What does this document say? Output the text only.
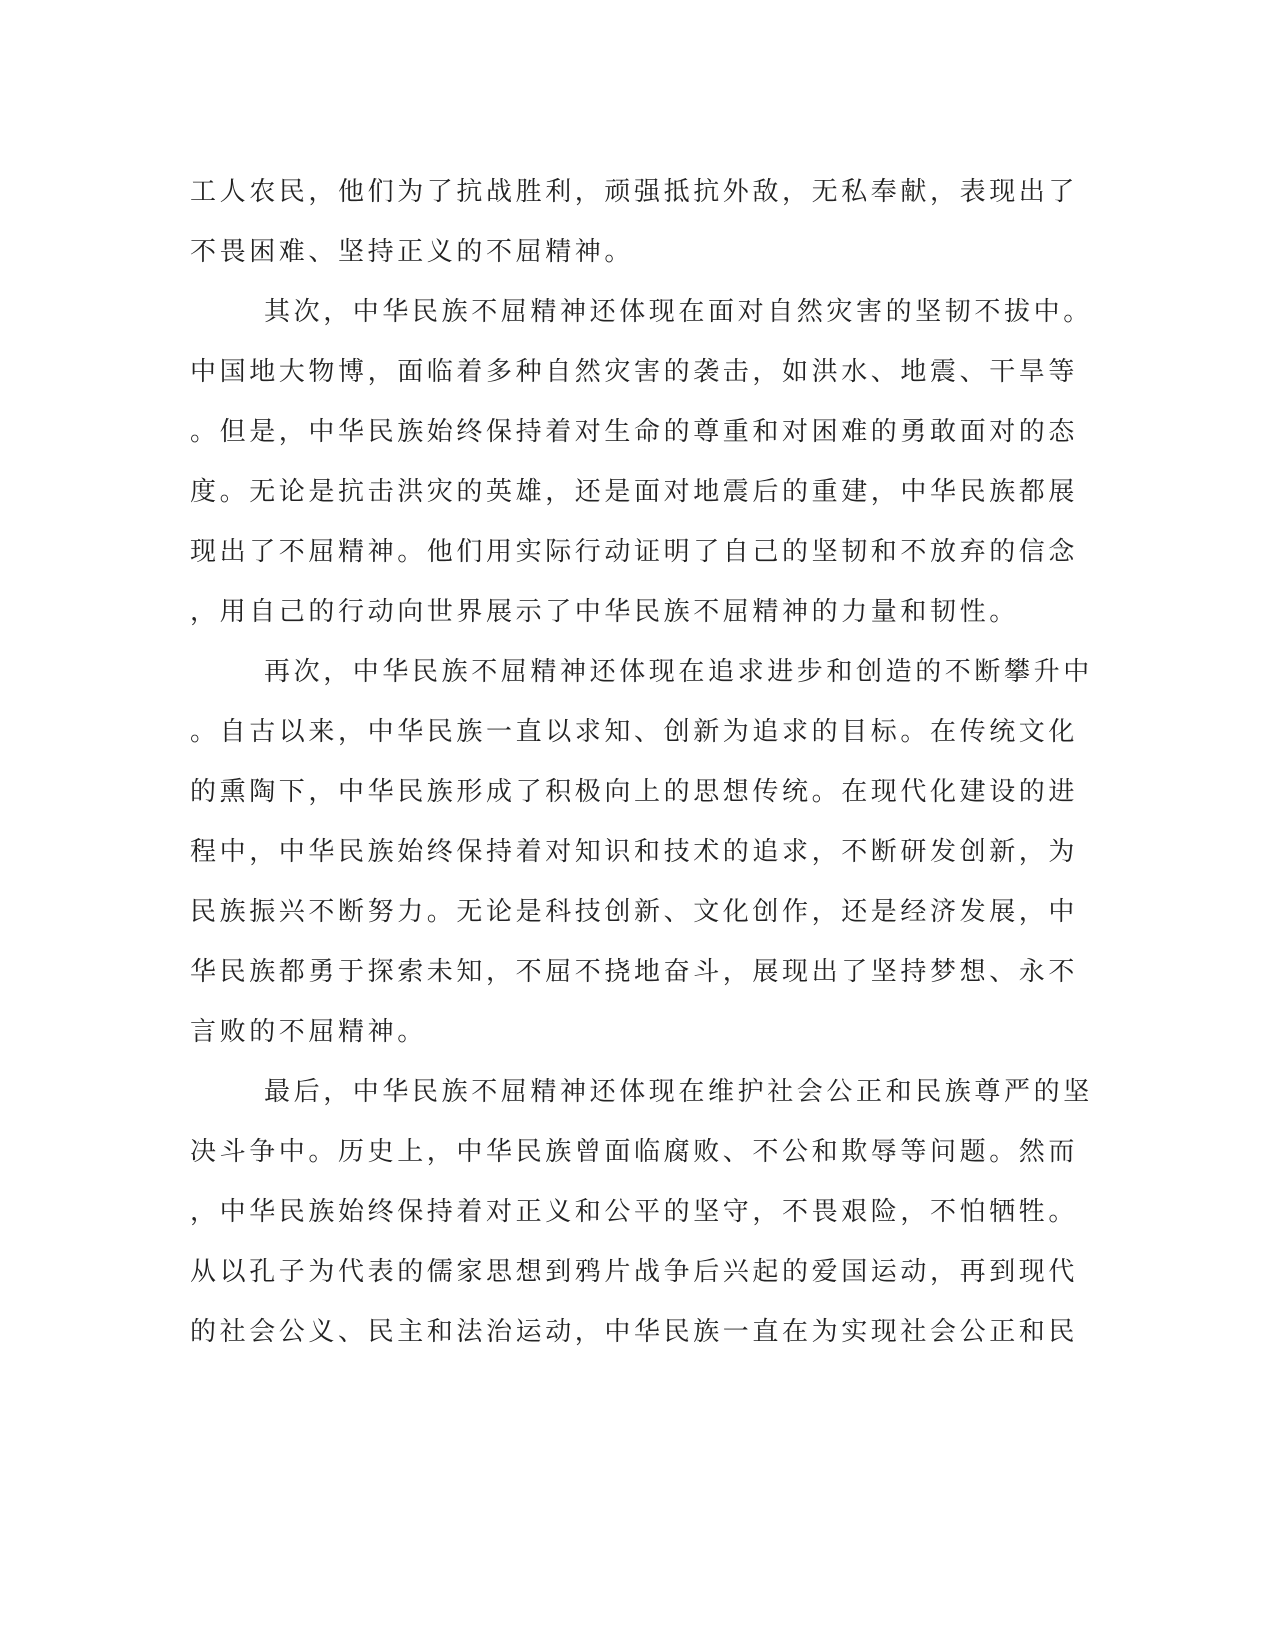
工人农民，他们为了抗战胜利，顽强抵抗外敌，无私奉献，表现出了
不畏困难、坚持正义的不屈精神。
其次，中华民族不屈精神还体现在面对自然灾害的坚韧不拔中。
中国地大物博，面临着多种自然灾害的袭击，如洪水、地震、干旱等
。但是，中华民族始终保持着对生命的尊重和对困难的勇敢面对的态
度。无论是抗击洪灾的英雄，还是面对地震后的重建，中华民族都展
现出了不屈精神。他们用实际行动证明了自己的坚韧和不放弃的信念
，用自己的行动向世界展示了中华民族不屈精神的力量和韧性。
再次，中华民族不屈精神还体现在追求进步和创造的不断攀升中
。自古以来，中华民族一直以求知、创新为追求的目标。在传统文化
的熏陶下，中华民族形成了积极向上的思想传统。在现代化建设的进
程中，中华民族始终保持着对知识和技术的追求，不断研发创新，为
民族振兴不断努力。无论是科技创新、文化创作，还是经济发展，中
华民族都勇于探索未知，不屈不挠地奋斗，展现出了坚持梦想、永不
言败的不屈精神。
最后，中华民族不屈精神还体现在维护社会公正和民族尊严的坚
决斗争中。历史上，中华民族曾面临腐败、不公和欺辱等问题。然而
，中华民族始终保持着对正义和公平的坚守，不畏艰险，不怕牺牲。
从以孔子为代表的儒家思想到鸦片战争后兴起的爱国运动，再到现代
的社会公义、民主和法治运动，中华民族一直在为实现社会公正和民
